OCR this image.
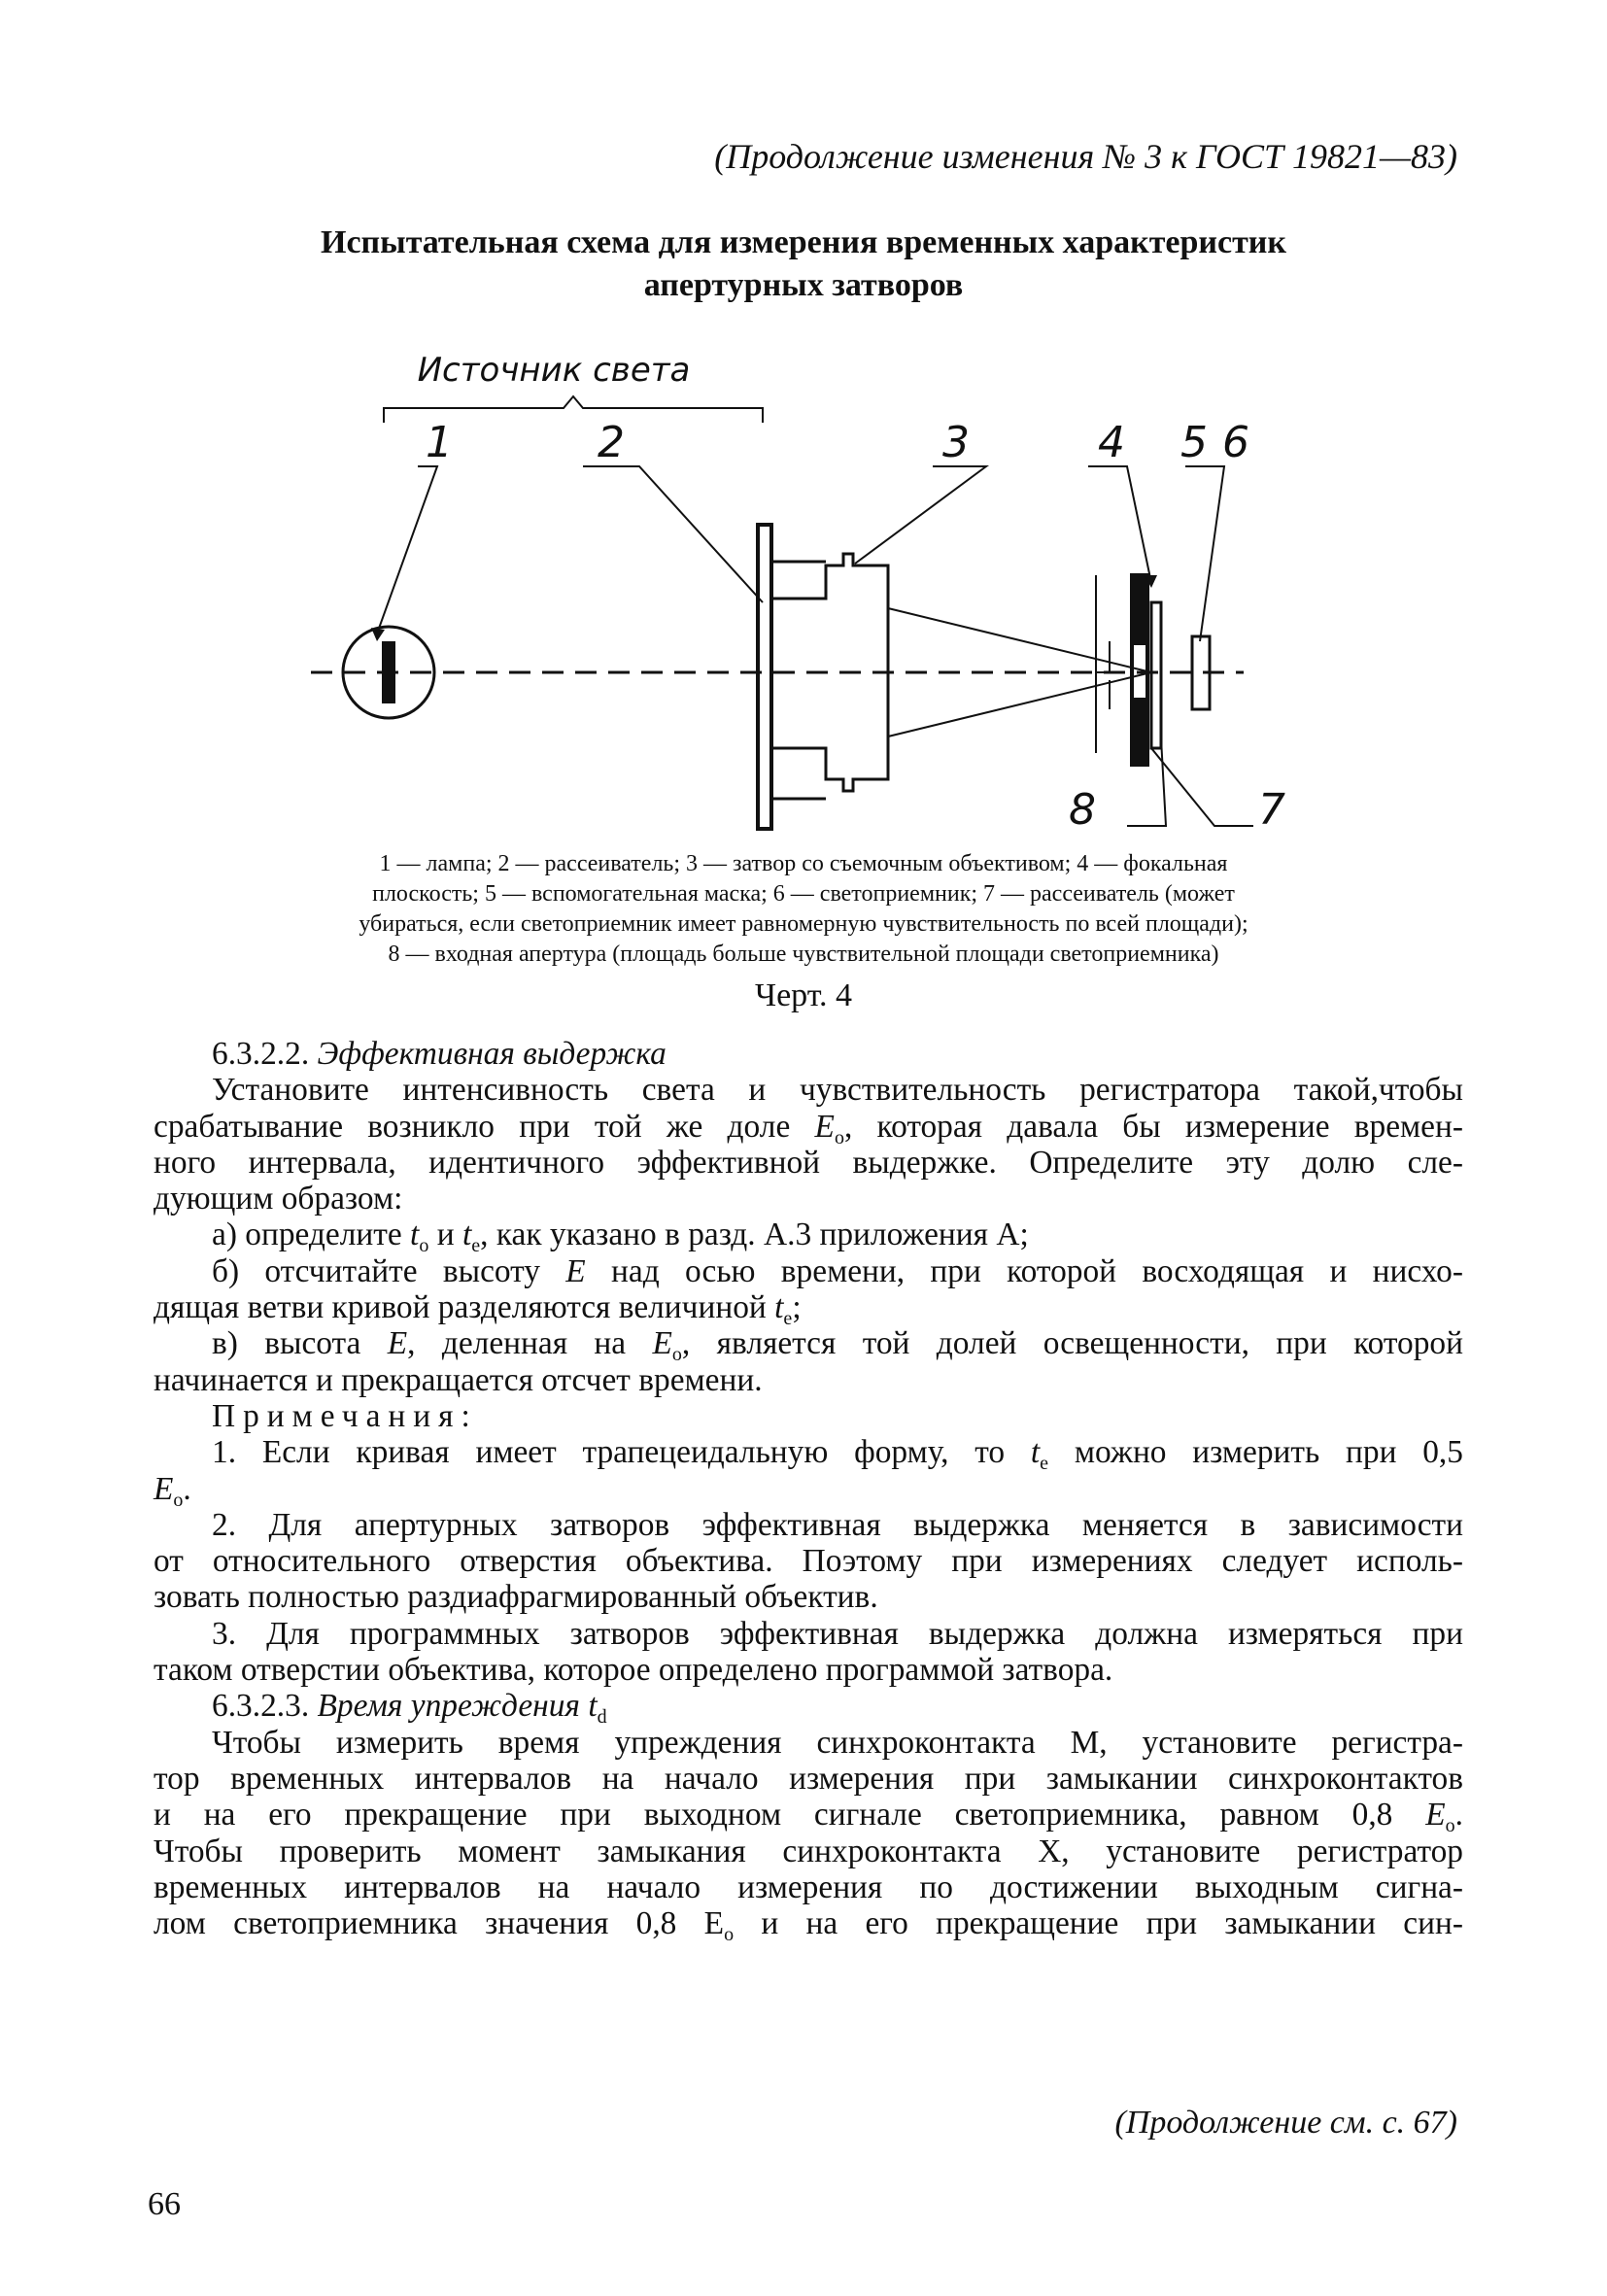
(Продолжение изменения № 3 к ГОСТ 19821—83)
Испытательная схема для измерения временных характеристик
апертурных затворов
Источник света
1	2	3	4 5 6
7
8
1 — лампа; 2 — рассеиватель; 3 — затвор со съемочным объективом; 4 — фокальная
плоскость; 5 — вспомогательная маска; 6 — светоприемник; 7 — рассеиватель (может
убираться, если светоприемник имеет равномерную чувствительность по всей площади);
8 — входная апертура (площадь больше чувствительной площади светоприемника)
Черт. 4

6.3.2.2. Эффективная выдержка

Установите интенсивность света и чувствительность регистратора такой,чтобы

срабатывание возникло при той же доле $E_o$, которая давала бы измерение времен-

ного интервала, идентичного эффективной выдержке. Определите эту долю сле-

дующим образом:

а) определите $t_o$ и $t_e$, как указано в разд. А.3 приложения А;

б) отсчитайте высоту E над осью времени, при которой восходящая и нисхо-

дящая ветви кривой разделяются величиной $t_e$;

в) высота E, деленная на $E_o$, является той долей освещенности, при которой

начинается и прекращается отсчет времени.

Примечания:

1. Если кривая имеет трапецеидальную форму, то $t_e$ можно измерить при 0,5

$E_o$.

2. Для апертурных затворов эффективная выдержка меняется в зависимости

от относительного отверстия объектива. Поэтому при измерениях следует исполь-

зовать полностью раздиафрагмированный объектив.

3. Для программных затворов эффективная выдержка должна измеряться при

таком отверстии объектива, которое определено программой затвора.

6.3.2.3. Время упреждения $t_d$

Чтобы измерить время упреждения синхроконтакта М, установите регистра-

тор временных интервалов на начало измерения при замыкании синхроконтактов

и на его прекращение при выходном сигнале светоприемника, равном 0,8 $E_o$.

Чтобы проверить момент замыкания синхроконтакта Х, установите регистратор

временных интервалов на начало измерения по достижении выходным сигна-

лом светоприемника значения 0,8 $Е_o$ и на его прекращение при замыкании син-

(Продолжение см. с. 67)
66
